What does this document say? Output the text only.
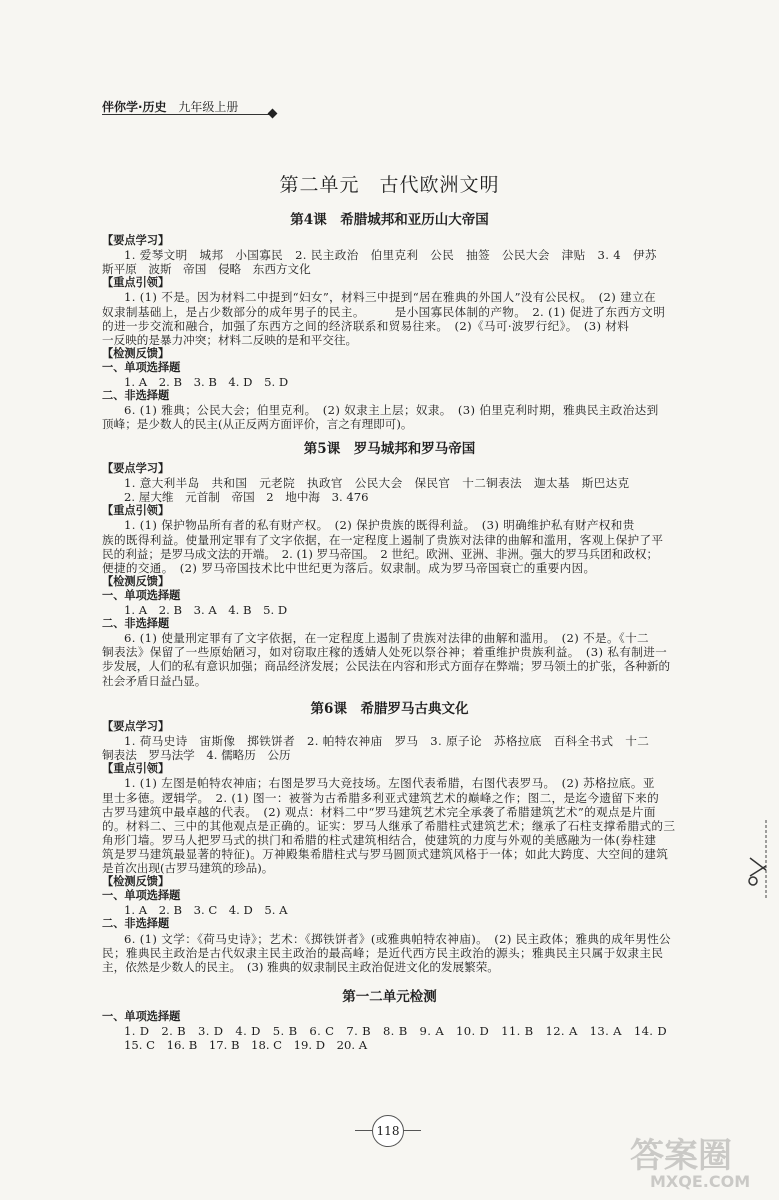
伴你学·历史 九年级上册
第二单元　古代欧洲文明
第4课　希腊城邦和亚历山大帝国
【要点学习】
1. 爱琴文明　城邦　小国寡民　2. 民主政治　伯里克利　公民　抽签　公民大会　津贴　3. 4　伊苏
斯平原　波斯　帝国　侵略　东西方文化
【重点引领】
1. (1) 不是。因为材料二中提到“妇女”，材料三中提到“居在雅典的外国人”没有公民权。　(2) 建立在
奴隶制基础上，是占少数部分的成年男子的民主。　　　是小国寡民体制的产物。　2. (1) 促进了东西方文明
的进一步交流和融合，加强了东西方之间的经济联系和贸易往来。　(2)《马可·波罗行纪》。　(3) 材料
一反映的是暴力冲突；材料二反映的是和平交往。
【检测反馈】
一、单项选择题
1. A　2. B　3. B　4. D　5. D
二、非选择题
6. (1) 雅典；公民大会；伯里克利。　(2) 奴隶主上层；奴隶。　(3) 伯里克利时期，雅典民主政治达到
顶峰；是少数人的民主(从正反两方面评价，言之有理即可)。
第5课　罗马城邦和罗马帝国
【要点学习】
1. 意大利半岛　共和国　元老院　执政官　公民大会　保民官　十二铜表法　迦太基　斯巴达克
2. 屋大维　元首制　帝国　2　地中海　3. 476
【重点引领】
1. (1) 保护物品所有者的私有财产权。　(2) 保护贵族的既得利益。　(3) 明确维护私有财产权和贵
族的既得利益。使量刑定罪有了文字依据，在一定程度上遏制了贵族对法律的曲解和滥用，客观上保护了平
民的利益；是罗马成文法的开端。　2. (1) 罗马帝国。　2 世纪。欧洲、亚洲、非洲。强大的罗马兵团和政权；
便捷的交通。　(2) 罗马帝国技术比中世纪更为落后。奴隶制。成为罗马帝国衰亡的重要内因。
【检测反馈】
一、单项选择题
1. A　2. B　3. A　4. B　5. D
二、非选择题
6. (1) 使量刑定罪有了文字依据，在一定程度上遏制了贵族对法律的曲解和滥用。　(2) 不是。《十二
铜表法》保留了一些原始陋习，如对窃取庄稼的透婧人处死以祭谷神；着重维护贵族利益。　(3) 私有制进一
步发展，人们的私有意识加强；商品经济发展；公民法在内容和形式方面存在弊端；罗马领土的扩张，各种新的
社会矛盾日益凸显。
第6课　希腊罗马古典文化
【要点学习】
1. 荷马史诗　宙斯像　掷铁饼者　2. 帕特农神庙　罗马　3. 原子论　苏格拉底　百科全书式　十二
铜表法　罗马法学　4. 儒略历　公历
【重点引领】
1. (1) 左图是帕特农神庙；右图是罗马大竞技场。左图代表希腊，右图代表罗马。　(2) 苏格拉底。亚
里士多德。逻辑学。　2. (1) 图一：被誉为古希腊多利亚式建筑艺术的巅峰之作；图二，是迄今遗留下来的
古罗马建筑中最卓越的代表。　(2) 观点：材料二中“罗马建筑艺术完全承袭了希腊建筑艺术”的观点是片面
的。材料二、三中的其他观点是正确的。证实：罗马人继承了希腊柱式建筑艺术；继承了石柱支撑希腊式的三
角形门墙。罗马人把罗马式的拱门和希腊的柱式建筑相结合，使建筑的力度与外观的美感融为一体(券柱建
筑是罗马建筑最显著的特征)。万神殿集希腊柱式与罗马圆顶式建筑风格于一体；如此大跨度、大空间的建筑
是首次出现(古罗马建筑的珍品)。
【检测反馈】
一、单项选择题
1. A　2. B　3. C　4. D　5. A
二、非选择题
6. (1) 文学：《荷马史诗》；艺术：《掷铁饼者》(或雅典帕特农神庙)。　(2) 民主政体；雅典的成年男性公
民；雅典民主政治是古代奴隶主民主政治的最高峰；是近代西方民主政治的源头；雅典民主只属于奴隶主民
主，依然是少数人的民主。　(3) 雅典的奴隶制民主政治促进文化的发展繁荣。
第一二单元检测
一、单项选择题
1. D　2. B　3. D　4. D　5. B　6. C　7. B　8. B　9. A　10. D　11. B　12. A　13. A　14. D
15. C　16. B　17. B　18. C　19. D　20. A
118
答案圈
MXQE.COM
